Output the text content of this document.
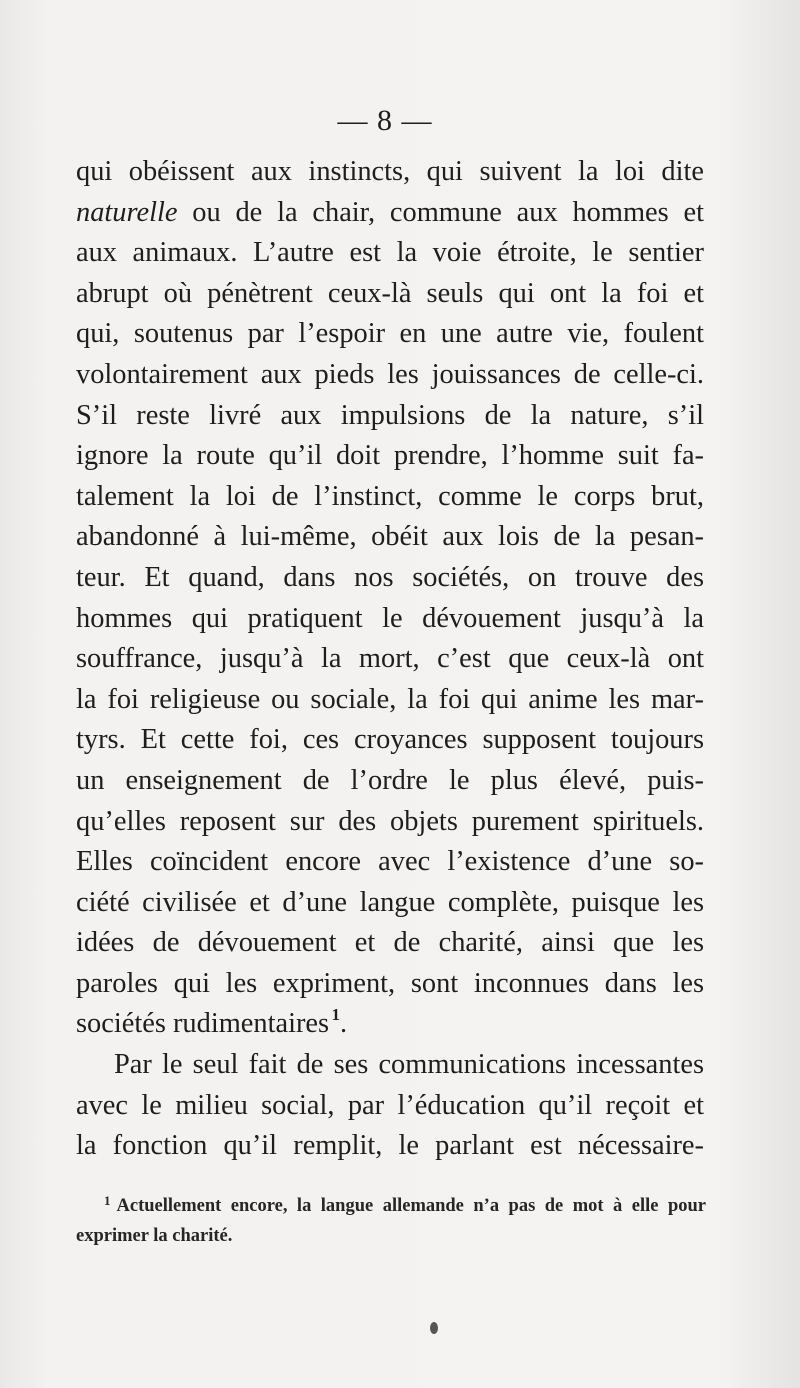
— 8 —
qui obéissent aux instincts, qui suivent la loi dite
naturelle ou de la chair, commune aux hommes et
aux animaux. L’autre est la voie étroite, le sentier
abrupt où pénètrent ceux-là seuls qui ont la foi et
qui, soutenus par l’espoir en une autre vie, foulent
volontairement aux pieds les jouissances de celle-ci.
S’il reste livré aux impulsions de la nature, s’il
ignore la route qu’il doit prendre, l’homme suit fa-
talement la loi de l’instinct, comme le corps brut,
abandonné à lui-même, obéit aux lois de la pesan-
teur. Et quand, dans nos sociétés, on trouve des
hommes qui pratiquent le dévouement jusqu’à la
souffrance, jusqu’à la mort, c’est que ceux-là ont
la foi religieuse ou sociale, la foi qui anime les mar-
tyrs. Et cette foi, ces croyances supposent toujours
un enseignement de l’ordre le plus élevé, puis-
qu’elles reposent sur des objets purement spirituels.
Elles coïncident encore avec l’existence d’une so-
ciété civilisée et d’une langue complète, puisque les
idées de dévouement et de charité, ainsi que les
paroles qui les expriment, sont inconnues dans les
sociétés rudimentaires  $^1$.
Par le seul fait de ses communications incessantes
avec le milieu social, par l’éducation qu’il reçoit et
la fonction qu’il remplit, le parlant est nécessaire-
$^1$ Actuellement encore, la langue allemande n’a pas de mot à elle pour
exprimer la charité.
